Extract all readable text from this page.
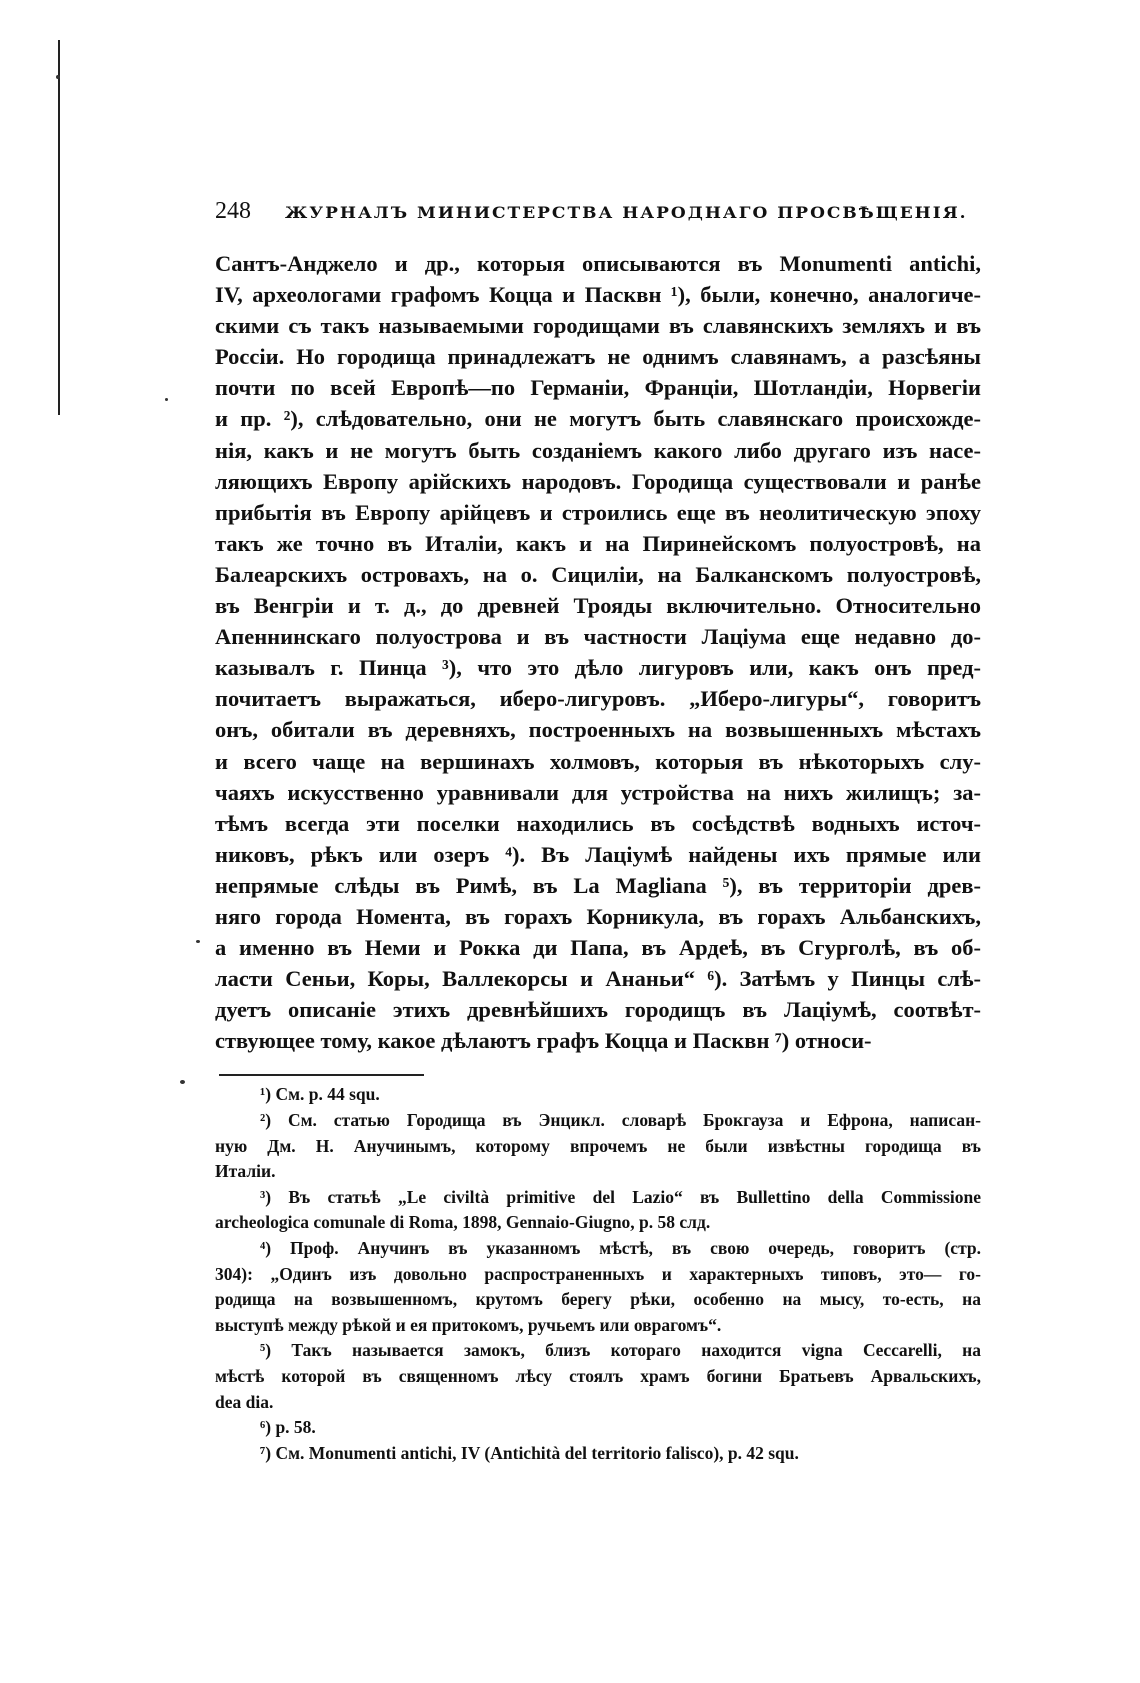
248	ЖУРНАЛЪ МИНИСТЕРСТВА НАРОДНАГО ПРОСВѢЩЕНІЯ.
Сантъ-Анджело и др., которыя описываются въ Monumenti antichi,
IV, археологами графомъ Коцца и Пасквн ¹), были, конечно, аналогиче-
скими съ такъ называемыми городищами въ славянскихъ земляхъ и въ
Россіи. Но городища принадлежатъ не однимъ славянамъ, а разсѣяны
почти по всей Европѣ—по Германіи, Франціи, Шотландіи, Норвегіи
и пр. ²), слѣдовательно, они не могутъ быть славянскаго происхожде-
нія, какъ и не могутъ быть созданіемъ какого либо другаго изъ насе-
ляющихъ Европу арійскихъ народовъ. Городища существовали и ранѣе
прибытія въ Европу арійцевъ и строились еще въ неолитическую эпоху
такъ же точно въ Италіи, какъ и на Пиринейскомъ полуостровѣ, на
Балеарскихъ островахъ, на о. Сициліи, на Балканскомъ полуостровѣ,
въ Венгріи и т. д., до древней Трояды включительно. Относительно
Апеннинскаго полуострова и въ частности Лаціума еще недавно до-
казывалъ г. Пинца ³), что это дѣло лигуровъ или, какъ онъ пред-
почитаетъ выражаться, иберо-лигуровъ. „Иберо-лигуры“, говоритъ
онъ, обитали въ деревняхъ, построенныхъ на возвышенныхъ мѣстахъ
и всего чаще на вершинахъ холмовъ, которыя въ нѣкоторыхъ слу-
чаяхъ искусственно уравнивали для устройства на нихъ жилищъ; за-
тѣмъ всегда эти поселки находились въ сосѣдствѣ водныхъ источ-
никовъ, рѣкъ или озеръ ⁴). Въ Лаціумѣ найдены ихъ прямые или
непрямые слѣды въ Римѣ, въ La Magliana ⁵), въ территоріи древ-
няго города Номента, въ горахъ Корникула, въ горахъ Альбанскихъ,
а именно въ Неми и Рокка ди Папа, въ Ардеѣ, въ Сгурголѣ, въ об-
ласти Сеньи, Коры, Валлекорсы и Ананьи“ ⁶). Затѣмъ у Пинцы слѣ-
дуетъ описаніе этихъ древнѣйшихъ городищъ въ Лаціумѣ, соотвѣт-
ствующее тому, какое дѣлаютъ графъ Коцца и Пасквн ⁷) относи-
¹) См. p. 44 squ.
²) См. статью Городища въ Энцикл. словарѣ Брокгауза и Ефрона, написан-
ную Дм. Н. Анучинымъ, которому впрочемъ не были извѣстны городища въ
Италіи.
³) Въ статьѣ „Le civiltà primitive del Lazio“ въ Bullettino della Commissione
archeologica comunale di Roma, 1898, Gennaio-Giugno, p. 58 слд.
⁴) Проф. Анучинъ въ указанномъ мѣстѣ, въ свою очередь, говоритъ (стр.
304): „Одинъ изъ довольно распространенныхъ и характерныхъ типовъ, это— го-
родища на возвышенномъ, крутомъ берегу рѣки, особенно на мысу, то-есть, на
выступѣ между рѣкой и ея притокомъ, ручьемъ или оврагомъ“.
⁵) Такъ называется замокъ, близъ котораго находится vigna Ceccarelli, на
мѣстѣ которой въ священномъ лѣсу стоялъ храмъ богини Братьевъ Арвальскихъ,
dea dia.
⁶) p. 58.
⁷) См. Monumenti antichi, IV (Antichità del territorio falisco), p. 42 squ.
